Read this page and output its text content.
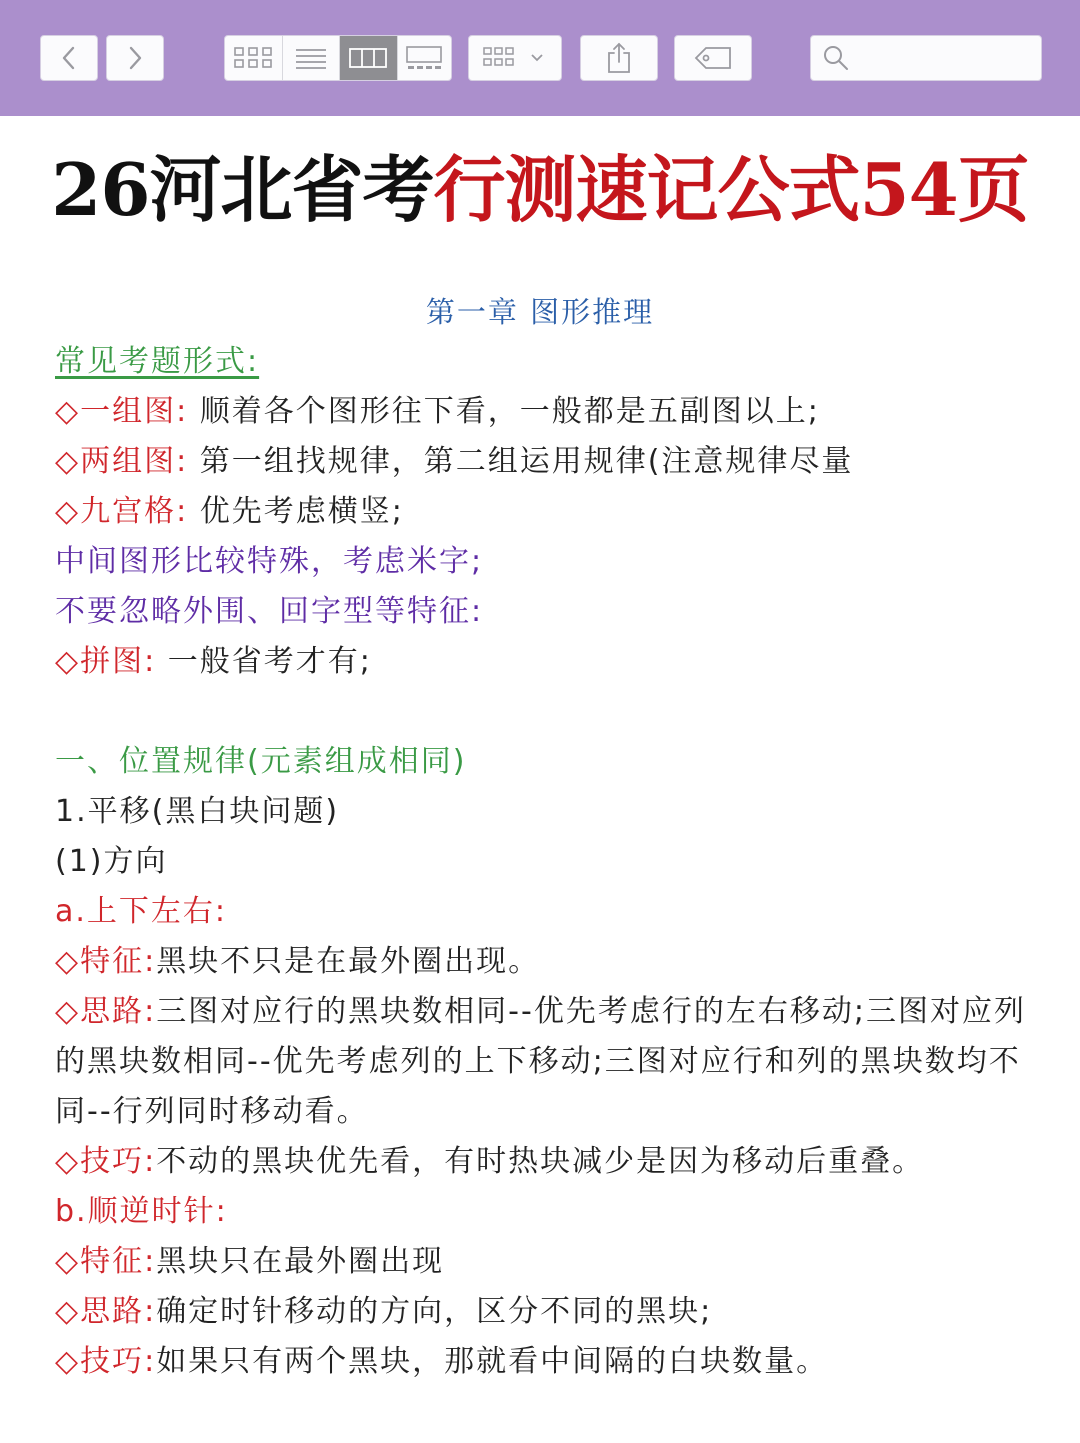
26河北省考行测速记公式54页
第一章 图形推理
常见考题形式:
◇一组图: 顺着各个图形往下看，一般都是五副图以上;
◇两组图: 第一组找规律，第二组运用规律(注意规律尽量
◇九宫格: 优先考虑横竖;
中间图形比较特殊，考虑米字;
不要忽略外围、回字型等特征:
◇拼图: 一般省考才有;
一、位置规律(元素组成相同)
1.平移(黑白块问题)
(1)方向
a.上下左右:
◇特征:黑块不只是在最外圈出现。
◇思路:三图对应行的黑块数相同--优先考虑行的左右移动;三图对应列的黑块数相同--优先考虑列的上下移动;三图对应行和列的黑块数均不同--行列同时移动看。
◇技巧:不动的黑块优先看，有时热块减少是因为移动后重叠。
b.顺逆时针:
◇特征:黑块只在最外圈出现
◇思路:确定时针移动的方向，区分不同的黑块;
◇技巧:如果只有两个黑块，那就看中间隔的白块数量。
